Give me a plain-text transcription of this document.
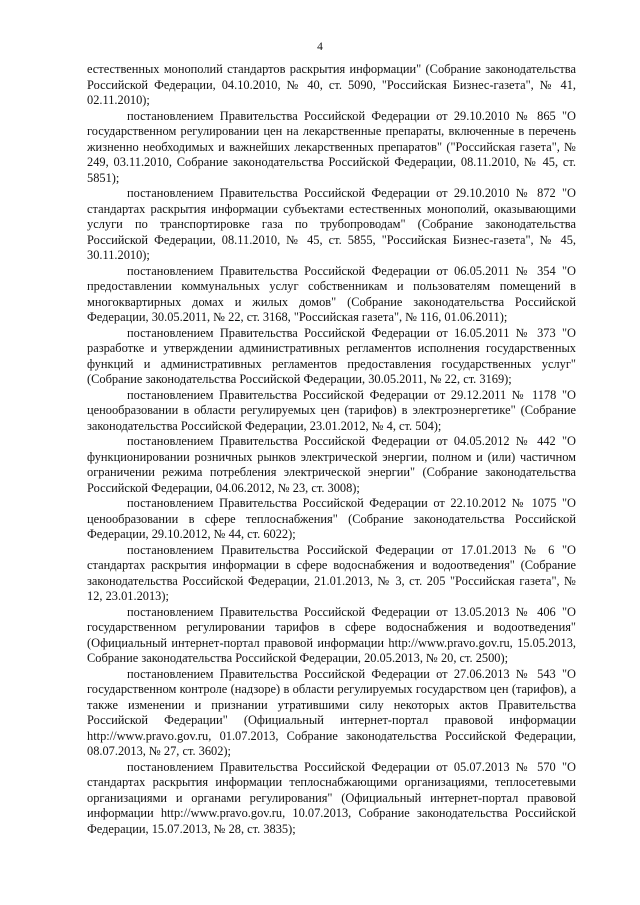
4

естественных монополий стандартов раскрытия информации" (Собрание законодательства Российской Федерации, 04.10.2010, № 40, ст. 5090, "Российская Бизнес-газета", № 41, 02.11.2010);

постановлением Правительства Российской Федерации от 29.10.2010 № 865 "О государственном регулировании цен на лекарственные препараты, включенные в перечень жизненно необходимых и важнейших лекарственных препаратов" ("Российская газета", № 249, 03.11.2010, Собрание законодательства Российской Федерации, 08.11.2010, № 45, ст. 5851);

постановлением Правительства Российской Федерации от 29.10.2010 № 872 "О стандартах раскрытия информации субъектами естественных монополий, оказывающими услуги по транспортировке газа по трубопроводам" (Собрание законодательства Российской Федерации, 08.11.2010, № 45, ст. 5855, "Российская Бизнес-газета", № 45, 30.11.2010);

постановлением Правительства Российской Федерации от 06.05.2011 № 354 "О предоставлении коммунальных услуг собственникам и пользователям помещений в многоквартирных домах и жилых домов" (Собрание законодательства Российской Федерации, 30.05.2011, № 22, ст. 3168, "Российская газета", № 116, 01.06.2011);

постановлением Правительства Российской Федерации от 16.05.2011 № 373 "О разработке и утверждении административных регламентов исполнения государственных функций и административных регламентов предоставления государственных услуг" (Собрание законодательства Российской Федерации, 30.05.2011, № 22, ст. 3169);

постановлением Правительства Российской Федерации от 29.12.2011 № 1178 "О ценообразовании в области регулируемых цен (тарифов) в электроэнергетике" (Собрание законодательства Российской Федерации, 23.01.2012, № 4, ст. 504);

постановлением Правительства Российской Федерации от 04.05.2012 № 442 "О функционировании розничных рынков электрической энергии, полном и (или) частичном ограничении режима потребления электрической энергии" (Собрание законодательства Российской Федерации, 04.06.2012, № 23, ст. 3008);

постановлением Правительства Российской Федерации от 22.10.2012 № 1075 "О ценообразовании в сфере теплоснабжения" (Собрание законодательства Российской Федерации, 29.10.2012, № 44, ст. 6022);

постановлением Правительства Российской Федерации от 17.01.2013 № 6 "О стандартах раскрытия информации в сфере водоснабжения и водоотведения" (Собрание законодательства Российской Федерации, 21.01.2013, № 3, ст. 205 "Российская газета", № 12, 23.01.2013);

постановлением Правительства Российской Федерации от 13.05.2013 № 406 "О государственном регулировании тарифов в сфере водоснабжения и водоотведения" (Официальный интернет-портал правовой информации http://www.pravo.gov.ru, 15.05.2013, Собрание законодательства Российской Федерации, 20.05.2013, № 20, ст. 2500);

постановлением Правительства Российской Федерации от 27.06.2013 № 543 "О государственном контроле (надзоре) в области регулируемых государством цен (тарифов), а также изменении и признании утратившими силу некоторых актов Правительства Российской Федерации" (Официальный интернет-портал правовой информации http://www.pravo.gov.ru, 01.07.2013, Собрание законодательства Российской Федерации, 08.07.2013, № 27, ст. 3602);

постановлением Правительства Российской Федерации от 05.07.2013 № 570 "О стандартах раскрытия информации теплоснабжающими организациями, теплосетевыми организациями и органами регулирования" (Официальный интернет-портал правовой информации http://www.pravo.gov.ru, 10.07.2013, Собрание законодательства Российской Федерации, 15.07.2013, № 28, ст. 3835);
